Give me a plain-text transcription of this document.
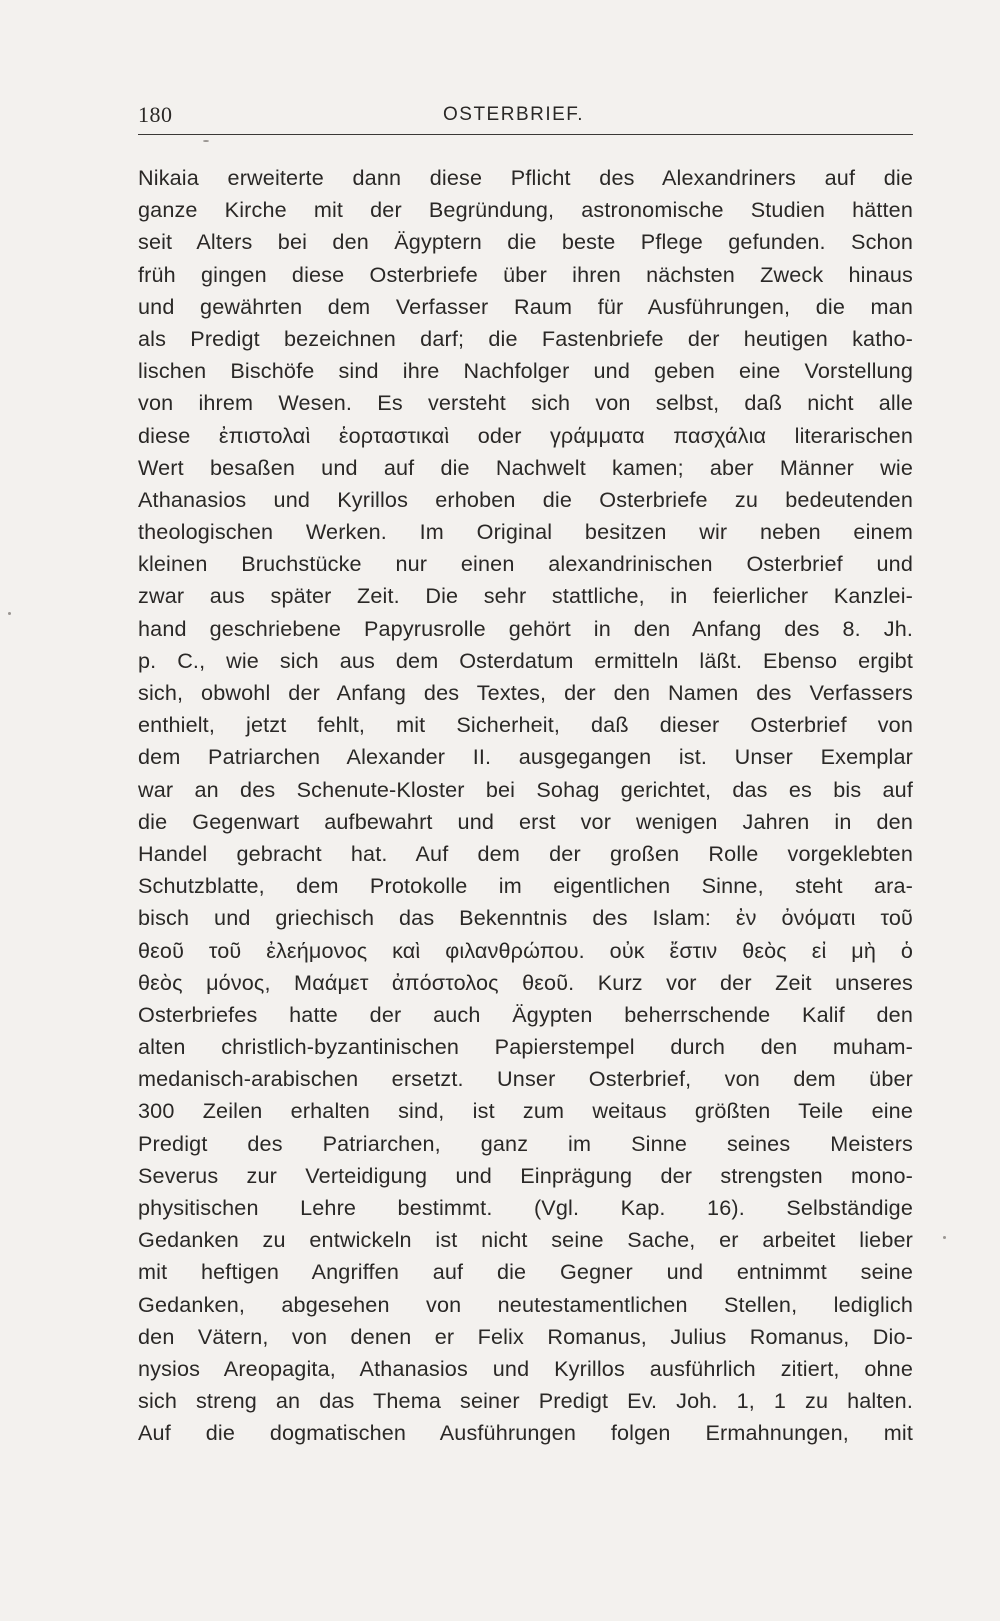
180	OSTERBRIEF.
Nikaia erweiterte dann diese Pflicht des Alexandriners auf die
ganze Kirche mit der Begründung, astronomische Studien hätten
seit Alters bei den Ägyptern die beste Pflege gefunden. Schon
früh gingen diese Osterbriefe über ihren nächsten Zweck hinaus
und gewährten dem Verfasser Raum für Ausführungen, die man
als Predigt bezeichnen darf; die Fastenbriefe der heutigen katho-
lischen Bischöfe sind ihre Nachfolger und geben eine Vorstellung
von ihrem Wesen. Es versteht sich von selbst, daß nicht alle
diese ἐπιστολαὶ ἑορταστικαὶ oder γράμματα πασχάλια literarischen
Wert besaßen und auf die Nachwelt kamen; aber Männer wie
Athanasios und Kyrillos erhoben die Osterbriefe zu bedeutenden
theologischen Werken. Im Original besitzen wir neben einem
kleinen Bruchstücke nur einen alexandrinischen Osterbrief und
zwar aus später Zeit. Die sehr stattliche, in feierlicher Kanzlei-
hand geschriebene Papyrusrolle gehört in den Anfang des 8. Jh.
p. C., wie sich aus dem Osterdatum ermitteln läßt. Ebenso ergibt
sich, obwohl der Anfang des Textes, der den Namen des Verfassers
enthielt, jetzt fehlt, mit Sicherheit, daß dieser Osterbrief von
dem Patriarchen Alexander II. ausgegangen ist. Unser Exemplar
war an des Schenute-Kloster bei Sohag gerichtet, das es bis auf
die Gegenwart aufbewahrt und erst vor wenigen Jahren in den
Handel gebracht hat. Auf dem der großen Rolle vorgeklebten
Schutzblatte, dem Protokolle im eigentlichen Sinne, steht ara-
bisch und griechisch das Bekenntnis des Islam: ἐν ὀνόματι τοῦ
θεοῦ τοῦ ἐλεήμονος καὶ φιλανθρώπου. οὐκ ἔστιν θεὸς εἰ μὴ ὁ
θεὸς μόνος, Μαάμετ ἀπόστολος θεοῦ. Kurz vor der Zeit unseres
Osterbriefes hatte der auch Ägypten beherrschende Kalif den
alten christlich-byzantinischen Papierstempel durch den muham-
medanisch-arabischen ersetzt. Unser Osterbrief, von dem über
300 Zeilen erhalten sind, ist zum weitaus größten Teile eine
Predigt des Patriarchen, ganz im Sinne seines Meisters
Severus zur Verteidigung und Einprägung der strengsten mono-
physitischen Lehre bestimmt. (Vgl. Kap. 16). Selbständige
Gedanken zu entwickeln ist nicht seine Sache, er arbeitet lieber
mit heftigen Angriffen auf die Gegner und entnimmt seine
Gedanken, abgesehen von neutestamentlichen Stellen, lediglich
den Vätern, von denen er Felix Romanus, Julius Romanus, Dio-
nysios Areopagita, Athanasios und Kyrillos ausführlich zitiert, ohne
sich streng an das Thema seiner Predigt Ev. Joh. 1, 1 zu halten.
Auf die dogmatischen Ausführungen folgen Ermahnungen, mit
